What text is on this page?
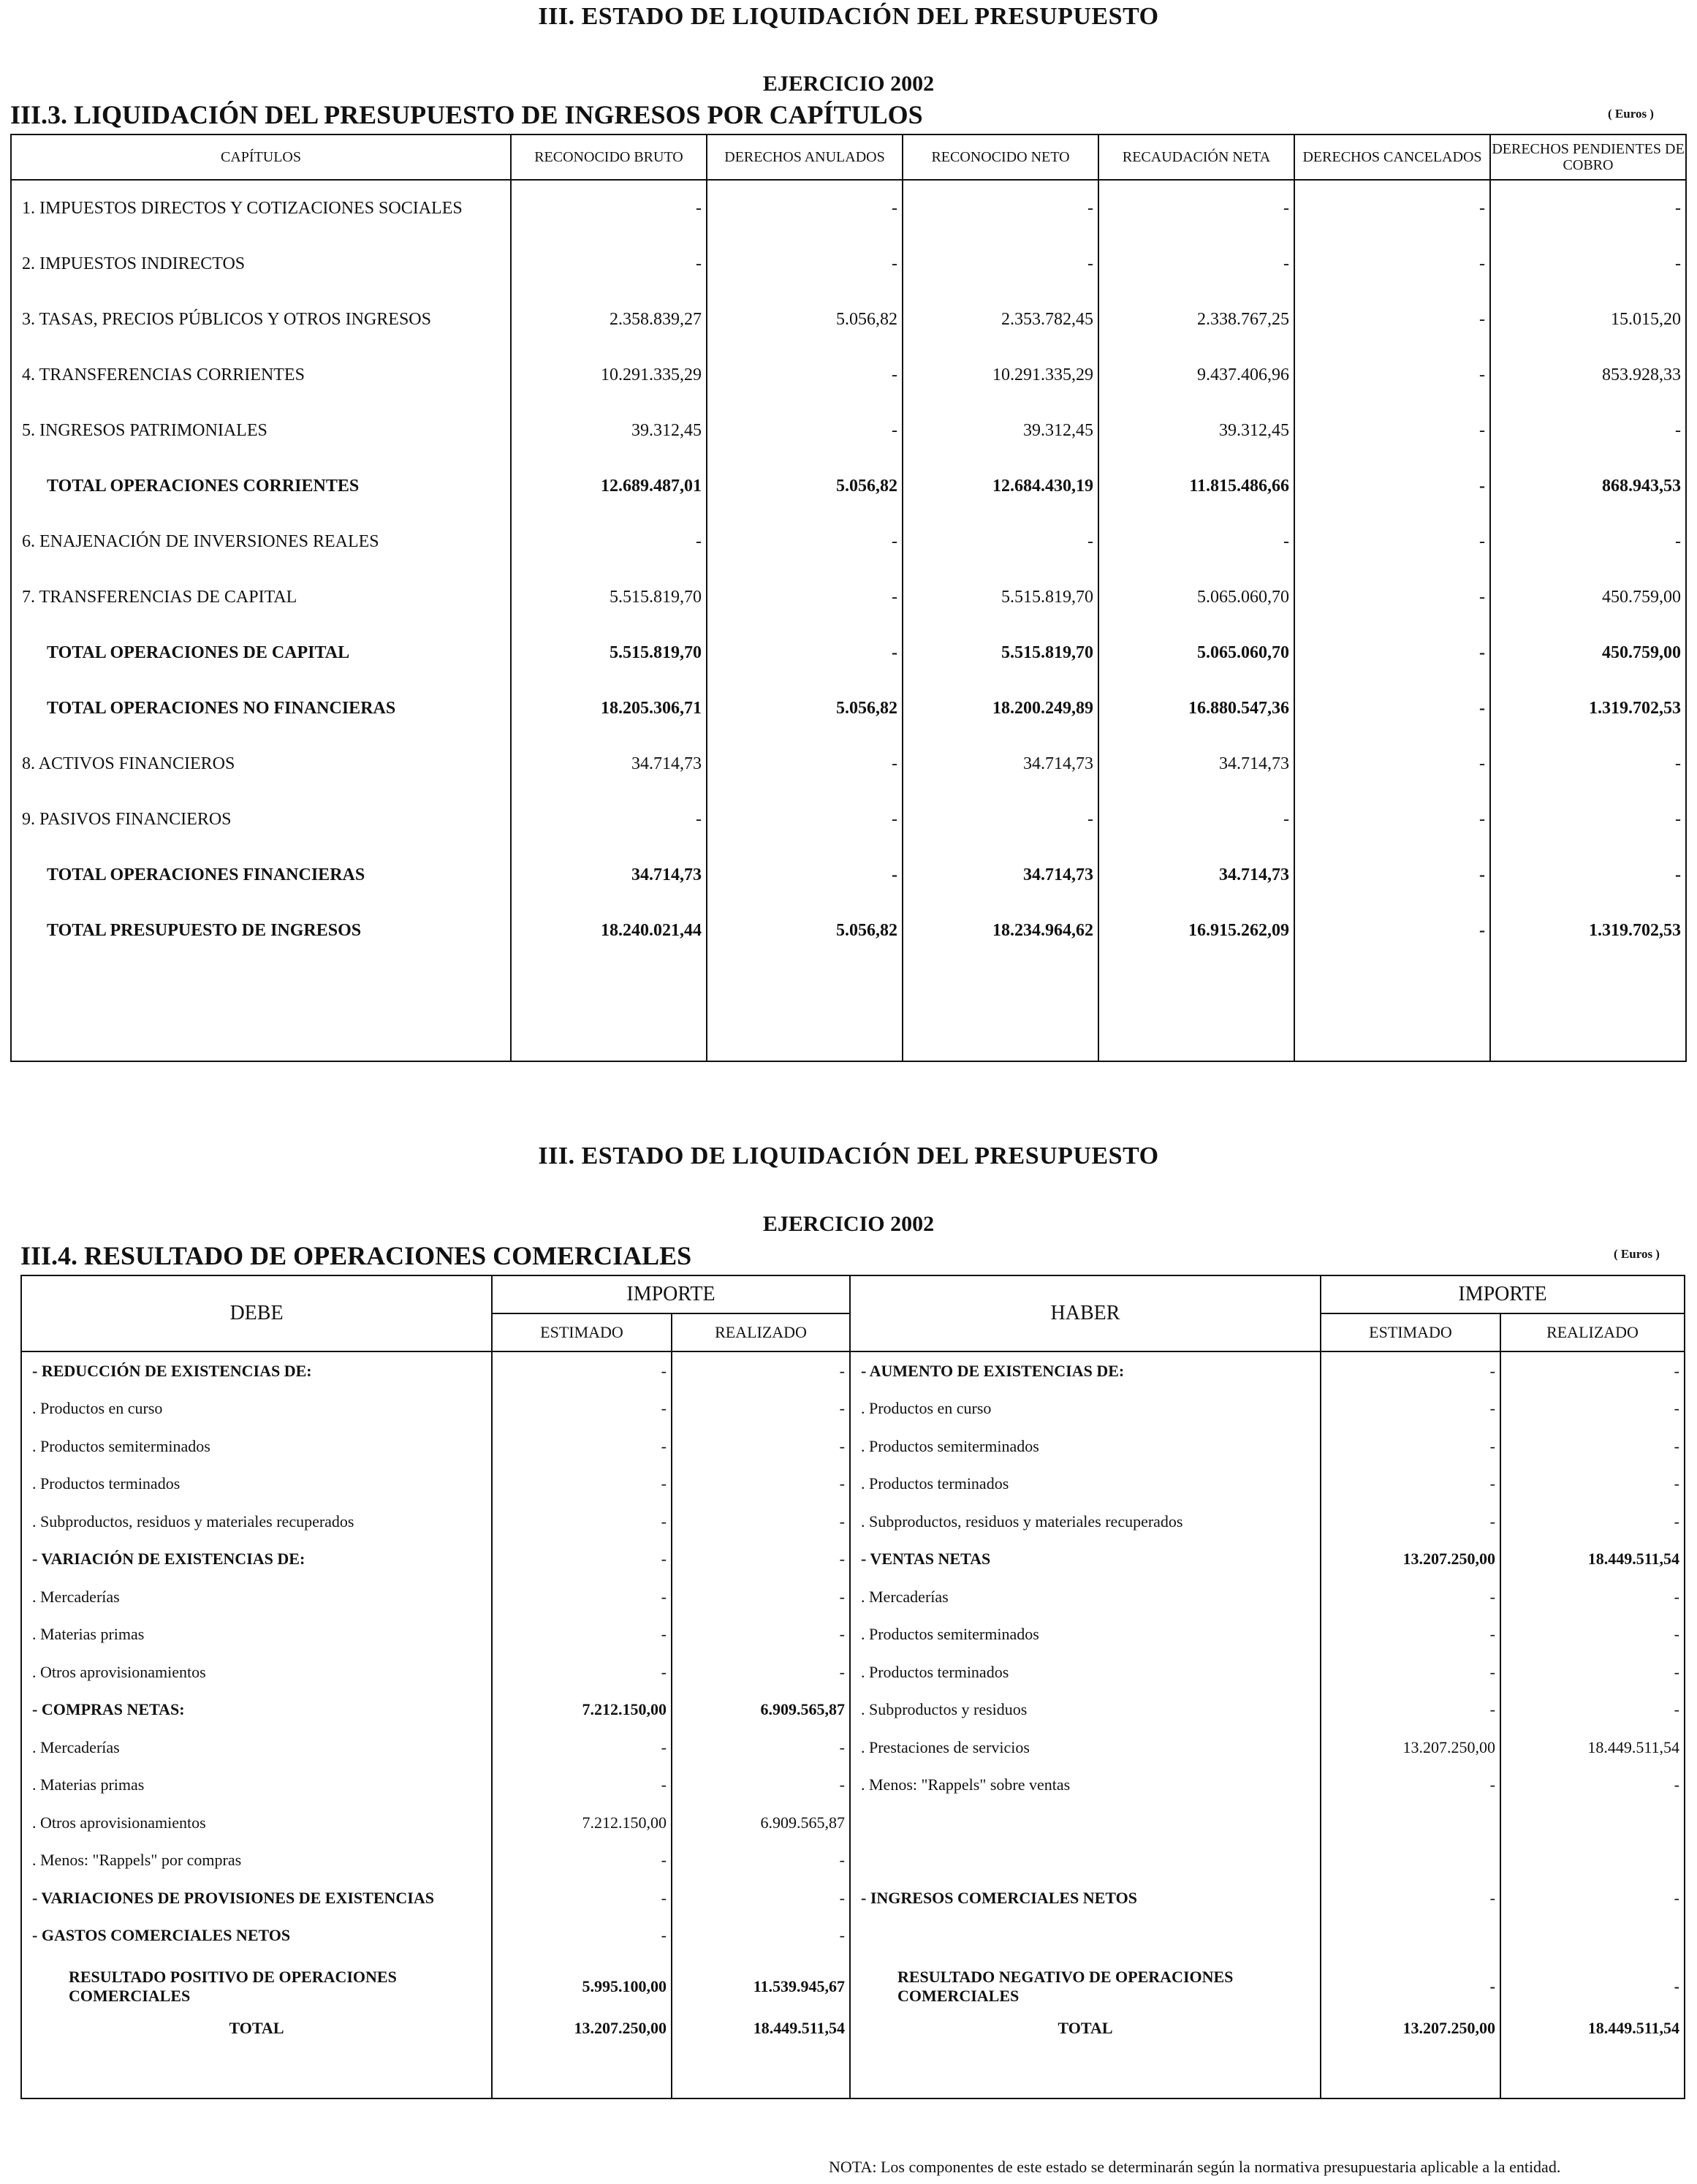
III. ESTADO DE LIQUIDACIÓN DEL PRESUPUESTO
EJERCICIO 2002
III.3. LIQUIDACIÓN DEL PRESUPUESTO DE INGRESOS POR CAPÍTULOS	( Euros )
CAPÍTULOS	RECONOCIDO BRUTO	DERECHOS ANULADOS	RECONOCIDO NETO	RECAUDACIÓN NETA	DERECHOS CANCELADOS	DERECHOS PENDIENTES DE COBRO
1. IMPUESTOS DIRECTOS Y COTIZACIONES SOCIALES	-	-	-	-	-	-
2. IMPUESTOS INDIRECTOS	-	-	-	-	-	-
3. TASAS, PRECIOS PÚBLICOS Y OTROS INGRESOS	2.358.839,27	5.056,82	2.353.782,45	2.338.767,25	-	15.015,20
4. TRANSFERENCIAS CORRIENTES	10.291.335,29	-	10.291.335,29	9.437.406,96	-	853.928,33
5. INGRESOS PATRIMONIALES	39.312,45	-	39.312,45	39.312,45	-	-
TOTAL OPERACIONES CORRIENTES	12.689.487,01	5.056,82	12.684.430,19	11.815.486,66	-	868.943,53
6. ENAJENACIÓN DE INVERSIONES REALES	-	-	-	-	-	-
7. TRANSFERENCIAS DE CAPITAL	5.515.819,70	-	5.515.819,70	5.065.060,70	-	450.759,00
TOTAL OPERACIONES DE CAPITAL	5.515.819,70	-	5.515.819,70	5.065.060,70	-	450.759,00
TOTAL OPERACIONES NO FINANCIERAS	18.205.306,71	5.056,82	18.200.249,89	16.880.547,36	-	1.319.702,53
8. ACTIVOS FINANCIEROS	34.714,73	-	34.714,73	34.714,73	-	-
9. PASIVOS FINANCIEROS	-	-	-	-	-	-
TOTAL OPERACIONES FINANCIERAS	34.714,73	-	34.714,73	34.714,73	-	-
TOTAL PRESUPUESTO DE INGRESOS	18.240.021,44	5.056,82	18.234.964,62	16.915.262,09	-	1.319.702,53

III. ESTADO DE LIQUIDACIÓN DEL PRESUPUESTO
EJERCICIO 2002
III.4. RESULTADO DE OPERACIONES COMERCIALES	( Euros )
DEBE	IMPORTE		HABER	IMPORTE	
	ESTIMADO	REALIZADO		ESTIMADO	REALIZADO
- REDUCCIÓN DE EXISTENCIAS DE:	-	-	- AUMENTO DE EXISTENCIAS DE:	-	-
. Productos en curso	-	-	. Productos en curso	-	-
. Productos semiterminados	-	-	. Productos semiterminados	-	-
. Productos terminados	-	-	. Productos terminados	-	-
. Subproductos, residuos y materiales recuperados	-	-	. Subproductos, residuos y materiales recuperados	-	-
- VARIACIÓN DE EXISTENCIAS DE:	-	-	- VENTAS NETAS	13.207.250,00	18.449.511,54
. Mercaderías	-	-	. Mercaderías	-	-
. Materias primas	-	-	. Productos semiterminados	-	-
. Otros aprovisionamientos	-	-	. Productos terminados	-	-
- COMPRAS NETAS:	7.212.150,00	6.909.565,87	. Subproductos y residuos	-	-
. Mercaderías	-	-	. Prestaciones de servicios	13.207.250,00	18.449.511,54
. Materias primas	-	-	. Menos: "Rappels" sobre ventas	-	-
. Otros aprovisionamientos	7.212.150,00	6.909.565,87			
. Menos: "Rappels" por compras	-	-			
- VARIACIONES DE PROVISIONES DE EXISTENCIAS	-	-	- INGRESOS COMERCIALES NETOS	-	-
- GASTOS COMERCIALES NETOS	-	-			
RESULTADO POSITIVO DE OPERACIONES COMERCIALES	5.995.100,00	11.539.945,67	RESULTADO NEGATIVO DE OPERACIONES COMERCIALES	-	-
TOTAL	13.207.250,00	18.449.511,54	TOTAL	13.207.250,00	18.449.511,54

NOTA: Los componentes de este estado se determinarán según la normativa presupuestaria aplicable a la entidad.
